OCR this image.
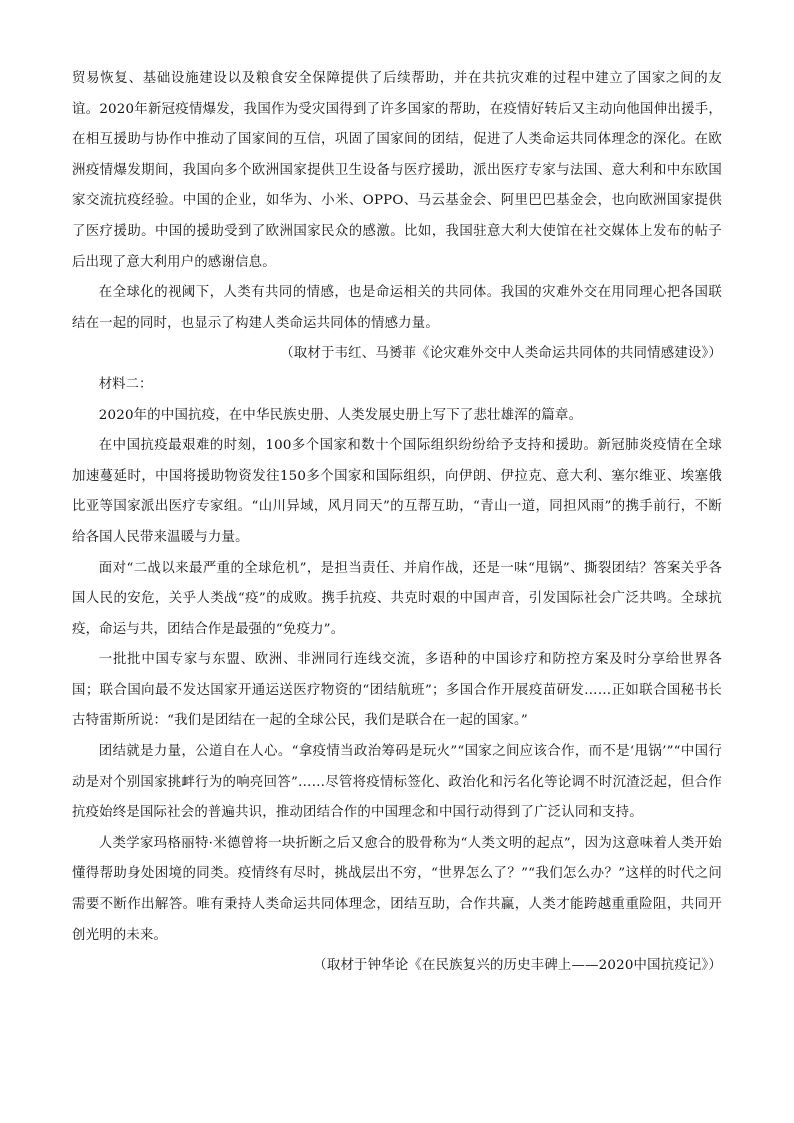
贸易恢复、基础设施建设以及粮食安全保障提供了后续帮助，并在共抗灾难的过程中建立了国家之间的友谊。2020年新冠疫情爆发，我国作为受灾国得到了许多国家的帮助，在疫情好转后又主动向他国伸出援手，在相互援助与协作中推动了国家间的互信，巩固了国家间的团结，促进了人类命运共同体理念的深化。在欧洲疫情爆发期间，我国向多个欧洲国家提供卫生设备与医疗援助，派出医疗专家与法国、意大利和中东欧国家交流抗疫经验。中国的企业，如华为、小米、OPPO、马云基金会、阿里巴巴基金会，也向欧洲国家提供了医疗援助。中国的援助受到了欧洲国家民众的感激。比如，我国驻意大利大使馆在社交媒体上发布的帖子后出现了意大利用户的感谢信息。

在全球化的视阈下，人类有共同的情感，也是命运相关的共同体。我国的灾难外交在用同理心把各国联结在一起的同时，也显示了构建人类命运共同体的情感力量。

（取材于韦红、马赟菲《论灾难外交中人类命运共同体的共同情感建设》）

材料二：

2020年的中国抗疫，在中华民族史册、人类发展史册上写下了悲壮雄浑的篇章。

在中国抗疫最艰难的时刻，100多个国家和数十个国际组织纷纷给予支持和援助。新冠肺炎疫情在全球加速蔓延时，中国将援助物资发往150多个国家和国际组织，向伊朗、伊拉克、意大利、塞尔维亚、埃塞俄比亚等国家派出医疗专家组。“山川异域，风月同天”的互帮互助，“青山一道，同担风雨”的携手前行，不断给各国人民带来温暖与力量。

面对“二战以来最严重的全球危机”，是担当责任、并肩作战，还是一味“甩锅”、撕裂团结？答案关乎各国人民的安危，关乎人类战“疫”的成败。携手抗疫、共克时艰的中国声音，引发国际社会广泛共鸣。全球抗疫，命运与共，团结合作是最强的“免疫力”。

一批批中国专家与东盟、欧洲、非洲同行连线交流，多语种的中国诊疗和防控方案及时分享给世界各国；联合国向最不发达国家开通运送医疗物资的“团结航班”；多国合作开展疫苗研发……正如联合国秘书长古特雷斯所说：“我们是团结在一起的全球公民，我们是联合在一起的国家。”

团结就是力量，公道自在人心。“拿疫情当政治筹码是玩火”“国家之间应该合作，而不是‘甩锅’”“中国行动是对个别国家挑衅行为的响亮回答”……尽管将疫情标签化、政治化和污名化等论调不时沉渣泛起，但合作抗疫始终是国际社会的普遍共识，推动团结合作的中国理念和中国行动得到了广泛认同和支持。

人类学家玛格丽特·米德曾将一块折断之后又愈合的股骨称为“人类文明的起点”，因为这意味着人类开始懂得帮助身处困境的同类。疫情终有尽时，挑战层出不穷，“世界怎么了？”“我们怎么办？”这样的时代之问需要不断作出解答。唯有秉持人类命运共同体理念，团结互助，合作共赢，人类才能跨越重重险阻，共同开创光明的未来。

（取材于钟华论《在民族复兴的历史丰碑上——2020中国抗疫记》）
